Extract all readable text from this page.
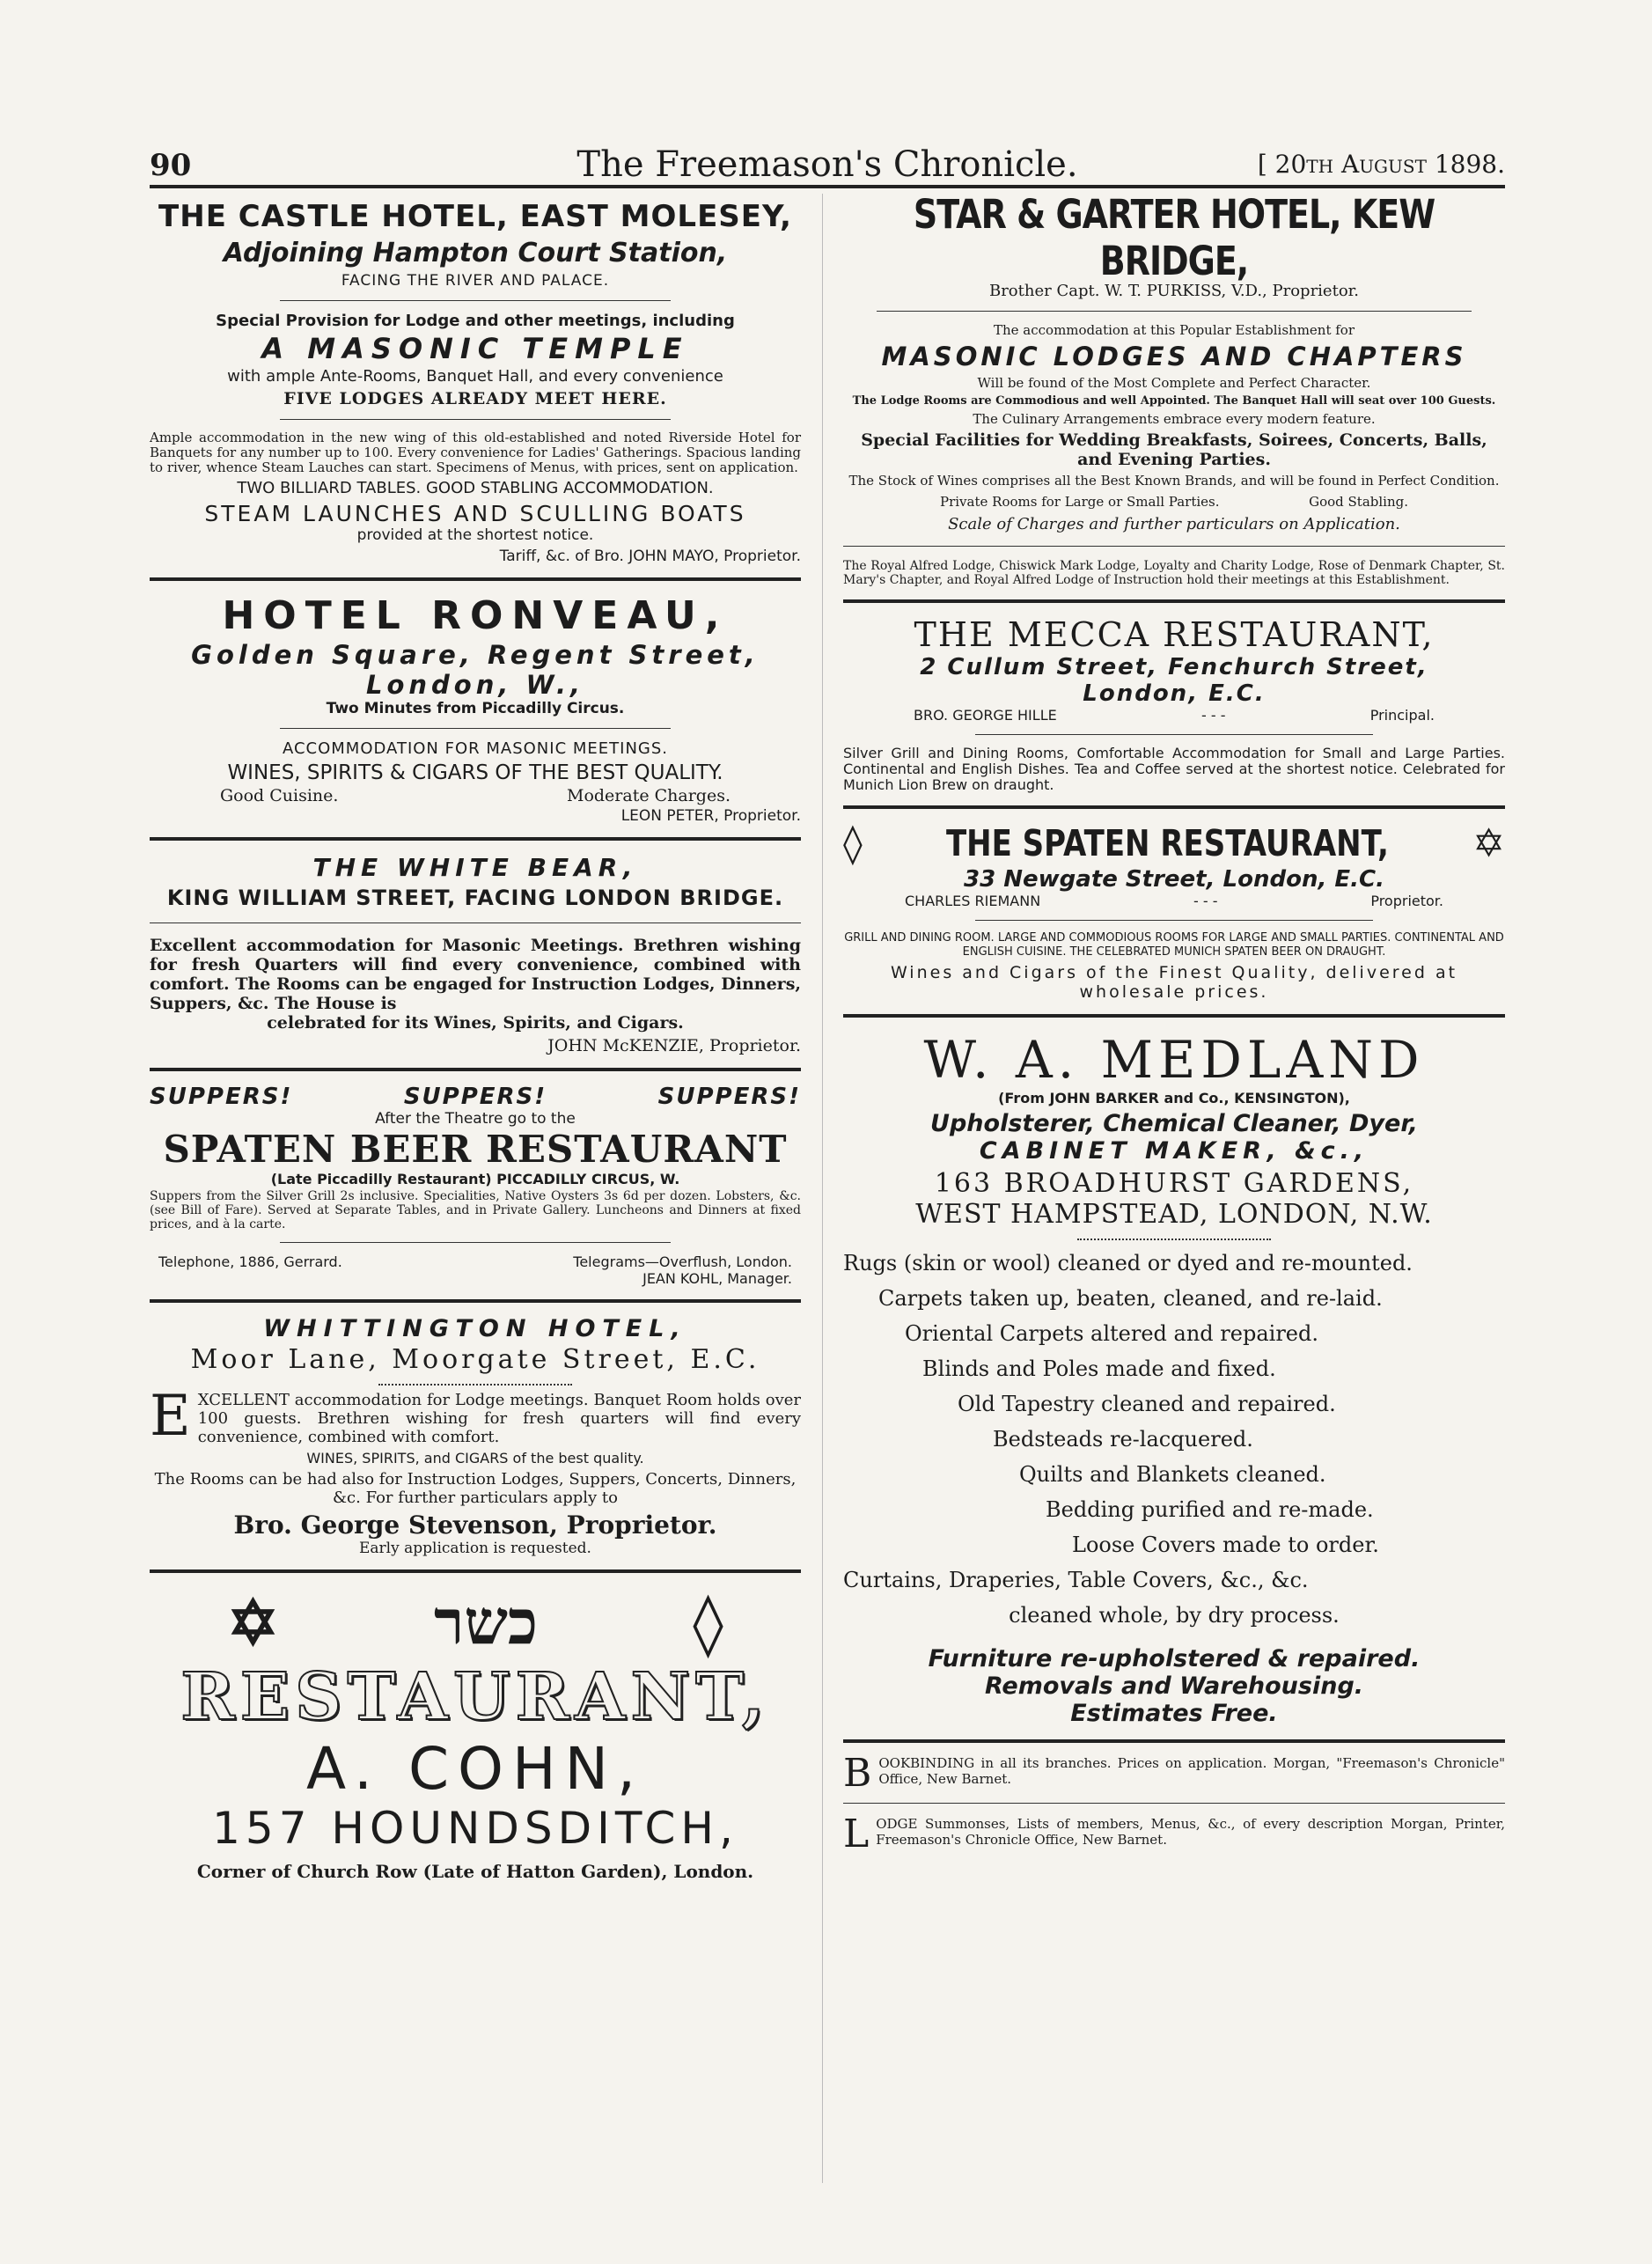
90	The Freemason's Chronicle.	[ 20th August 1898.
THE CASTLE HOTEL, EAST MOLESEY,
Adjoining Hampton Court Station,
FACING THE RIVER AND PALACE.
Special Provision for Lodge and other meetings, including
A MASONIC TEMPLE
with ample Ante-Rooms, Banquet Hall, and every convenience
FIVE LODGES ALREADY MEET HERE.
Ample accommodation in the new wing of this old-established and noted Riverside Hotel for Banquets for any number up to 100. Every convenience for Ladies' Gatherings. Spacious landing to river, whence Steam Lauches can start. Specimens of Menus, with prices, sent on application.
TWO BILLIARD TABLES. GOOD STABLING ACCOMMODATION.
STEAM LAUNCHES AND SCULLING BOATS
provided at the shortest notice.
Tariff, &c. of Bro. JOHN MAYO, Proprietor.
HOTEL RONVEAU,
Golden Square, Regent Street,
London, W.,
Two Minutes from Piccadilly Circus.
ACCOMMODATION FOR MASONIC MEETINGS.
WINES, SPIRITS & CIGARS OF THE BEST QUALITY.
Good Cuisine.	Moderate Charges.
LEON PETER, Proprietor.
THE WHITE BEAR,
KING WILLIAM STREET, FACING LONDON BRIDGE.
Excellent accommodation for Masonic Meetings. Brethren wishing for fresh Quarters will find every convenience, combined with comfort. The Rooms can be engaged for Instruction Lodges, Dinners, Suppers, &c. The House is
celebrated for its Wines, Spirits, and Cigars.
JOHN McKENZIE, Proprietor.
SUPPERS!	SUPPERS!	SUPPERS!
After the Theatre go to the
SPATEN BEER RESTAURANT
(Late Piccadilly Restaurant) PICCADILLY CIRCUS, W.
Suppers from the Silver Grill 2s inclusive. Specialities, Native Oysters 3s 6d per dozen. Lobsters, &c. (see Bill of Fare). Served at Separate Tables, and in Private Gallery. Luncheons and Dinners at fixed prices, and à la carte.
Telephone, 1886, Gerrard.	Telegrams—Overflush, London.
JEAN KOHL, Manager.
WHITTINGTON HOTEL,
Moor Lane, Moorgate Street, E.C.
EXCELLENT accommodation for Lodge meetings. Banquet Room holds over 100 guests. Brethren wishing for fresh quarters will find every convenience, combined with comfort.
WINES, SPIRITS, and CIGARS of the best quality.
The Rooms can be had also for Instruction Lodges, Suppers, Concerts, Dinners, &c. For further particulars apply to
Bro. George Stevenson, Proprietor.
Early application is requested.
✡	כשר	◊
RESTAURANT,
A. COHN,
157 HOUNDSDITCH,
Corner of Church Row (Late of Hatton Garden), London.
STAR & GARTER HOTEL, KEW BRIDGE,
Brother Capt. W. T. PURKISS, V.D., Proprietor.
The accommodation at this Popular Establishment for
MASONIC LODGES AND CHAPTERS
Will be found of the Most Complete and Perfect Character.
The Lodge Rooms are Commodious and well Appointed. The Banquet Hall will seat over 100 Guests.
The Culinary Arrangements embrace every modern feature.
Special Facilities for Wedding Breakfasts, Soirees, Concerts, Balls, and Evening Parties.
The Stock of Wines comprises all the Best Known Brands, and will be found in Perfect Condition.
Private Rooms for Large or Small Parties.	Good Stabling.
Scale of Charges and further particulars on Application.
The Royal Alfred Lodge, Chiswick Mark Lodge, Loyalty and Charity Lodge, Rose of Denmark Chapter, St. Mary's Chapter, and Royal Alfred Lodge of Instruction hold their meetings at this Establishment.
THE MECCA RESTAURANT,
2 Cullum Street, Fenchurch Street,
London, E.C.
BRO. GEORGE HILLE	- - -	Principal.
Silver Grill and Dining Rooms, Comfortable Accommodation for Small and Large Parties. Continental and English Dishes. Tea and Coffee served at the shortest notice. Celebrated for Munich Lion Brew on draught.
◊	THE SPATEN RESTAURANT, ✡
33 Newgate Street, London, E.C.
CHARLES RIEMANN	- - -	Proprietor.
GRILL AND DINING ROOM. LARGE AND COMMODIOUS ROOMS FOR LARGE AND SMALL PARTIES. CONTINENTAL AND ENGLISH CUISINE. THE CELEBRATED MUNICH SPATEN BEER ON DRAUGHT.
Wines and Cigars of the Finest Quality, delivered at wholesale prices.
W. A. MEDLAND
(From JOHN BARKER and Co., KENSINGTON),
Upholsterer, Chemical Cleaner, Dyer,
CABINET MAKER, &c.,
163 BROADHURST GARDENS,
WEST HAMPSTEAD, LONDON, N.W.
Rugs (skin or wool) cleaned or dyed and re-mounted.
Carpets taken up, beaten, cleaned, and re-laid.
Oriental Carpets altered and repaired.
Blinds and Poles made and fixed.
Old Tapestry cleaned and repaired.
Bedsteads re-lacquered.
Quilts and Blankets cleaned.
Bedding purified and re-made.
Loose Covers made to order.
Curtains, Draperies, Table Covers, &c., &c.
cleaned whole, by dry process.
Furniture re-upholstered & repaired.
Removals and Warehousing.
Estimates Free.
BOOKBINDING in all its branches. Prices on application. Morgan, "Freemason's Chronicle" Office, New Barnet.
LODGE Summonses, Lists of members, Menus, &c., of every description Morgan, Printer, Freemason's Chronicle Office, New Barnet.
